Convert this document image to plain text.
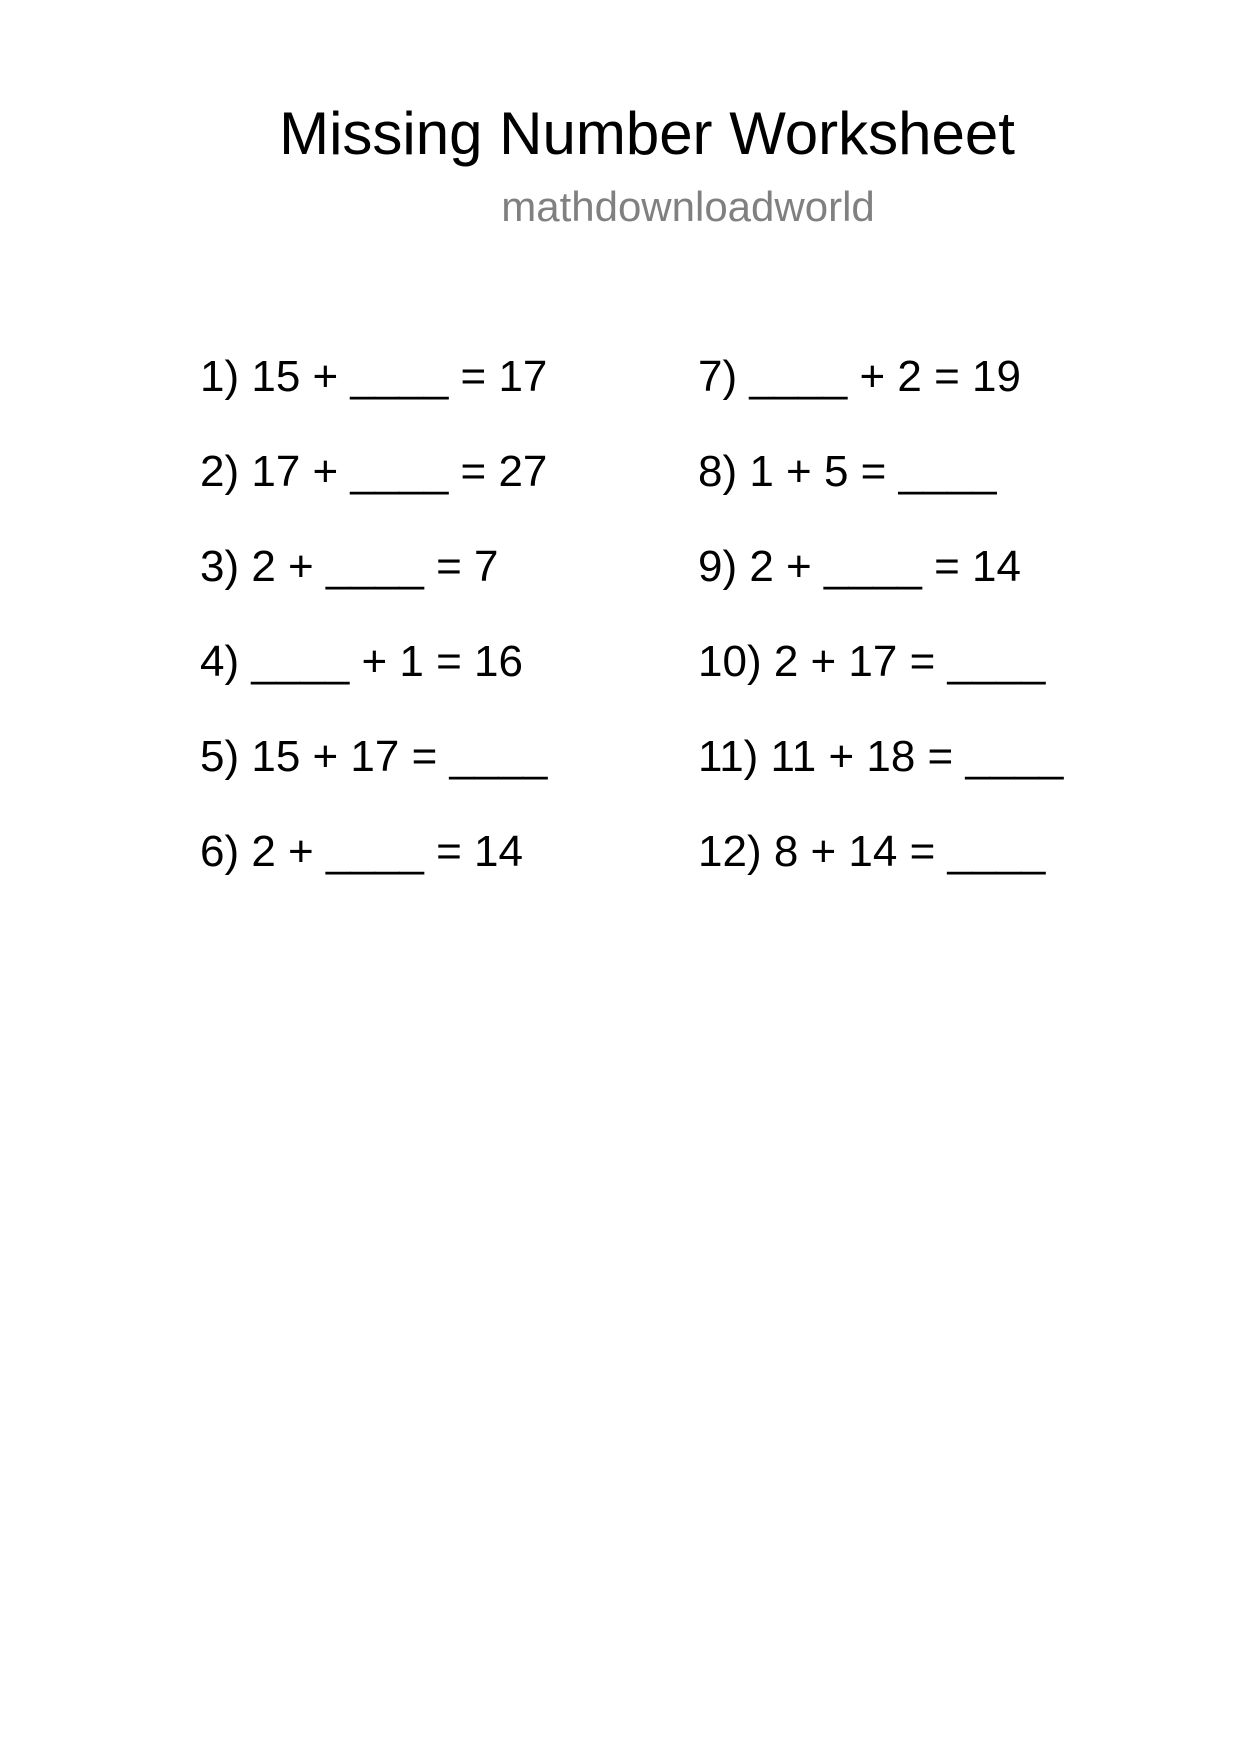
Missing Number Worksheet
mathdownloadworld
1) 15 + ____ = 17
2) 17 + ____ = 27
3) 2 + ____ = 7
4) ____ + 1 = 16
5) 15 + 17 = ____
6) 2 + ____ = 14
7) ____ + 2 = 19
8) 1 + 5 = ____
9) 2 + ____ = 14
10) 2 + 17 = ____
11) 11 + 18 = ____
12) 8 + 14 = ____
